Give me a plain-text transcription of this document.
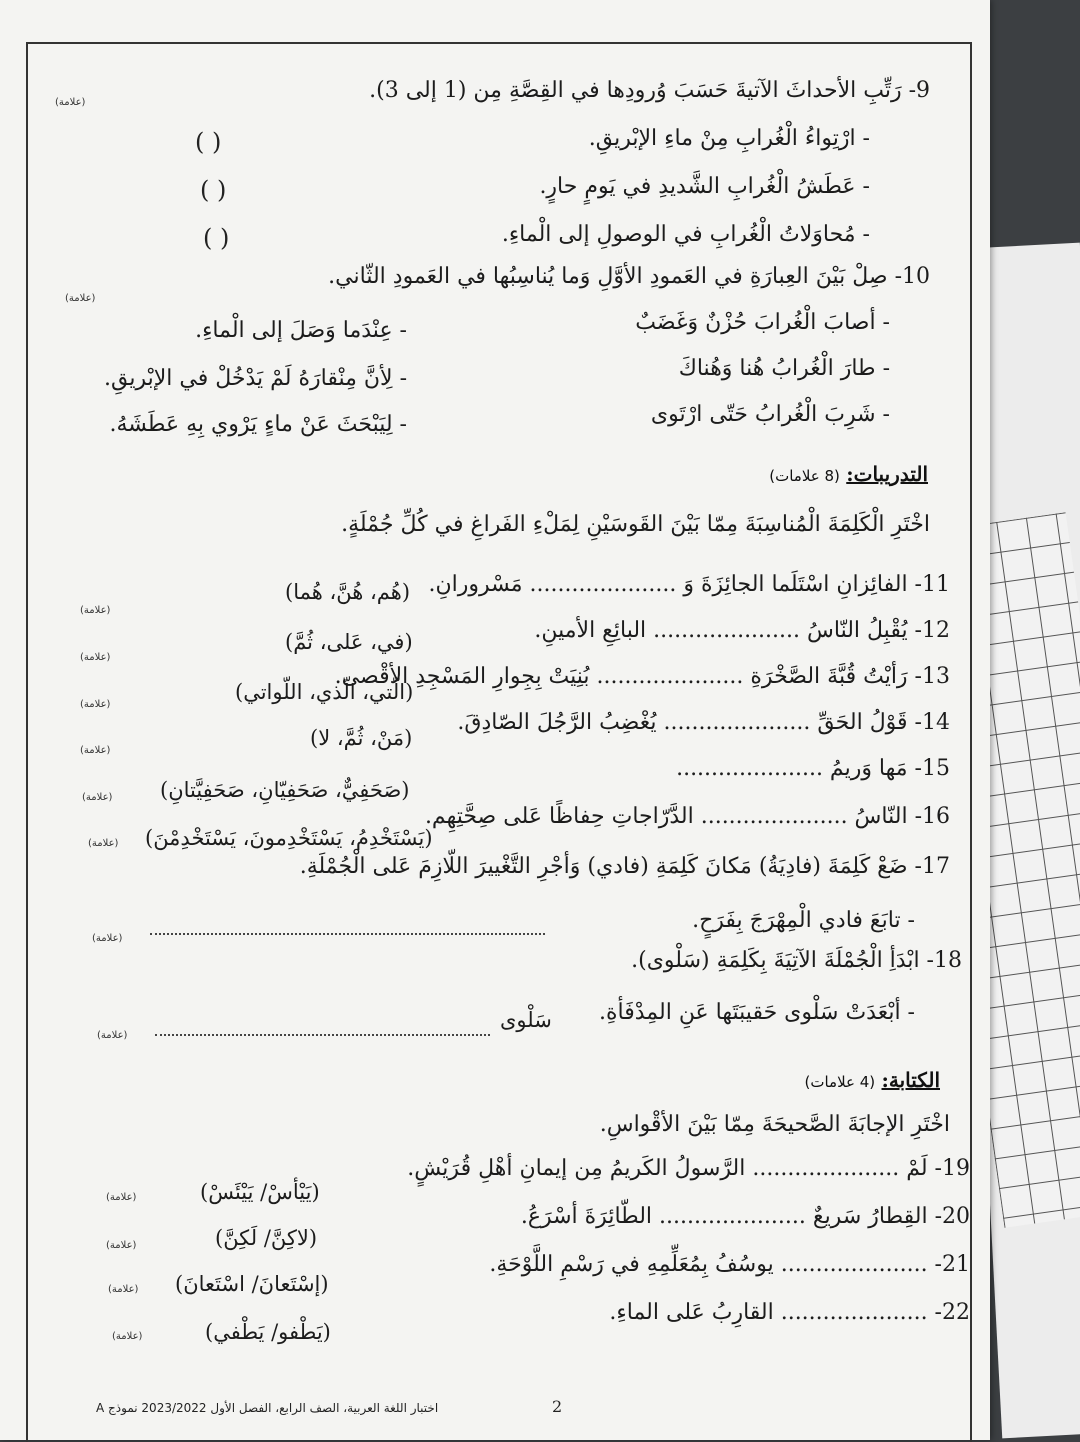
9- رَتِّبِ الأحداثَ الآتيةَ حَسَبَ وُرودِها في القِصَّةِ مِن (1 إلى 3).
(علامة)
- ارْتِواءُ الْغُرابِ مِنْ ماءِ الإبْريقِ.
- عَطَشُ الْغُرابِ الشَّديدِ في يَومٍ حارٍ.
- مُحاوَلاتُ الْغُرابِ في الوصولِ إلى الْماءِ.
( )
( )
( )
10- صِلْ بَيْنَ العِبارَةِ في العَمودِ الأوَّلِ وَما يُناسِبُها في العَمودِ الثّاني.
(علامة)
- أصابَ الْغُرابَ حُزْنٌ وَغَضَبٌ
- طارَ الْغُرابُ هُنا وَهُناكَ
- شَرِبَ الْغُرابُ حَتّى ارْتَوى
- عِنْدَما وَصَلَ إلى الْماءِ.
- لِأنَّ مِنْقارَهُ لَمْ يَدْخُلْ في الإبْريقِ.
- لِيَبْحَثَ عَنْ ماءٍ يَرْوي بِهِ عَطَشَهُ.
التدريبات: (8 علامات)
اخْتَرِ الْكَلِمَةَ الْمُناسِبَةَ مِمّا بَيْنَ القَوسَيْنِ لِمَلْءِ الفَراغِ في كُلِّ جُمْلَةٍ.
11- الفائِزانِ اسْتَلَما الجائِزَةَ وَ ..................... مَسْرورانِ.
(هُم، هُنَّ، هُما)
(علامة)
12- يُقْبِلُ النّاسُ ..................... البائِعِ الأمينِ.
(في، عَلى، ثُمَّ)
(علامة)
13- رَأيْتُ قُبَّةَ الصَّخْرَةِ ..................... بُنِيَتْ بِجِوارِ المَسْجِدِ الأقْصى.
(الّتي، الّذي، اللّواتي)
(علامة)
14- قَوْلُ الحَقِّ ..................... يُغْضِبُ الرَّجُلَ الصّادِقَ.
(مَنْ، ثُمَّ، لا)
(علامة)
15- مَها وَريمُ .....................
(صَحَفِيٌّ، صَحَفِيّانِ، صَحَفِيَّتانِ)
(علامة)
16- النّاسُ ..................... الدَّرّاجاتِ حِفاظًا عَلى صِحَّتِهِم.
(يَسْتَخْدِمُ، يَسْتَخْدِمونَ، يَسْتَخْدِمْنَ)
(علامة)
17- ضَعْ كَلِمَةَ (فادِيَةُ) مَكانَ كَلِمَةِ (فادي) وَأجْرِ التَّغْييرَ اللّازِمَ عَلى الْجُمْلَةِ.
- تابَعَ فادي الْمِهْرَجَ بِفَرَحٍ.
(علامة)
18- ابْدَأِ الْجُمْلَةَ الآتِيَةَ بِكَلِمَةِ (سَلْوى).
- أبْعَدَتْ سَلْوى حَقيبَتَها عَنِ المِدْفَأةِ.
سَلْوى
(علامة)
الكتابة: (4 علامات)
اخْتَرِ الإجابَةَ الصَّحيحَةَ مِمّا بَيْنَ الأقْواسِ.
19- لَمْ ..................... الرَّسولُ الكَريمُ مِن إيمانِ أهْلِ قُرَيْشٍ.
(يَيْأسْ/ يَيْئَسْ)
(علامة)
20- القِطارُ سَريعٌ ..................... الطّائِرَةَ أسْرَعُ.
(لاكِنَّ/ لَكِنَّ)
(علامة)
21- ..................... يوسُفُ بِمُعَلِّمِهِ في رَسْمِ اللَّوْحَةِ.
(إسْتَعانَ/ اسْتَعانَ)
(علامة)
22- ..................... القارِبُ عَلى الماءِ.
(يَطْفو/ يَطْفي)
(علامة)
2
اختبار اللغة العربية، الصف الرابع، الفصل الأول 2023/2022 نموذج A
